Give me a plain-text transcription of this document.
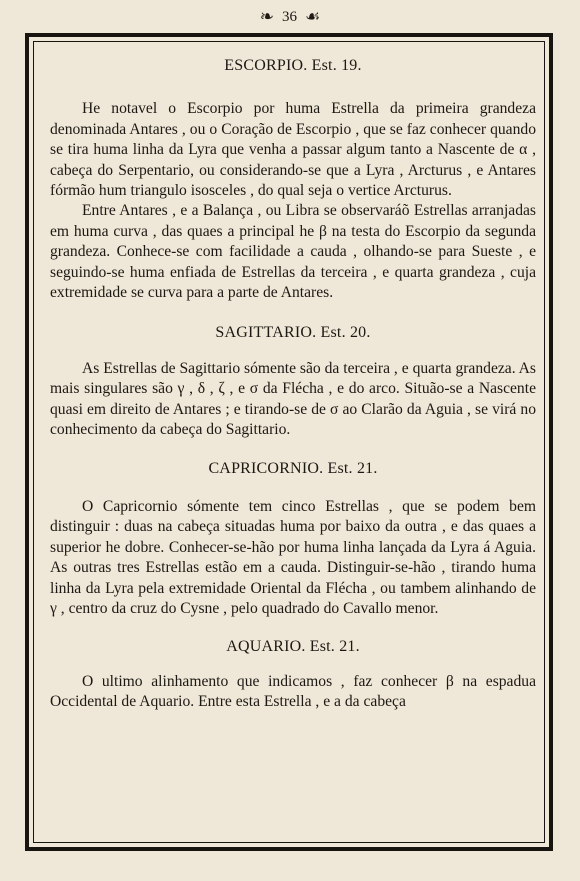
❧ 36 ☙
ESCORPIO. Est. 19.

He notavel o Escorpio por huma Estrella da primeira grandeza denominada Antares , ou o Coração de Escorpio , que se faz conhecer quando se tira huma linha da Lyra que venha a passar algum tanto a Nascente de α , cabeça do Serpentario, ou considerando-se que a Lyra , Arcturus , e Antares fórmão hum triangulo isosceles , do qual seja o vertice Arcturus.

Entre Antares , e a Balança , ou Libra se observaráõ Estrellas arranjadas em huma curva , das quaes a principal he β na testa do Escorpio da segunda grandeza. Conhece-se com facilidade a cauda , olhando-se para Sueste , e seguindo-se huma enfiada de Estrellas da terceira , e quarta grandeza , cuja extremidade se curva para a parte de Antares.

SAGITTARIO. Est. 20.

As Estrellas de Sagittario sómente são da terceira , e quarta grandeza. As mais singulares são γ , δ , ζ , e σ da Flécha , e do arco. Situão-se a Nascente quasi em direito de Antares ; e tirando-se de σ ao Clarão da Aguia , se virá no conhecimento da cabeça do Sagittario.

CAPRICORNIO. Est. 21.

O Capricornio sómente tem cinco Estrellas , que se podem bem distinguir : duas na cabeça situadas huma por baixo da outra , e das quaes a superior he dobre. Conhecer-se-hão por huma linha lançada da Lyra á Aguia. As outras tres Estrellas estão em a cauda. Distinguir-se-hão , tirando huma linha da Lyra pela extremidade Oriental da Flécha , ou tambem alinhando de γ , centro da cruz do Cysne , pelo quadrado do Cavallo menor.

AQUARIO. Est. 21.

O ultimo alinhamento que indicamos , faz conhecer β na espadua Occidental de Aquario. Entre esta Estrella , e a da cabeça
